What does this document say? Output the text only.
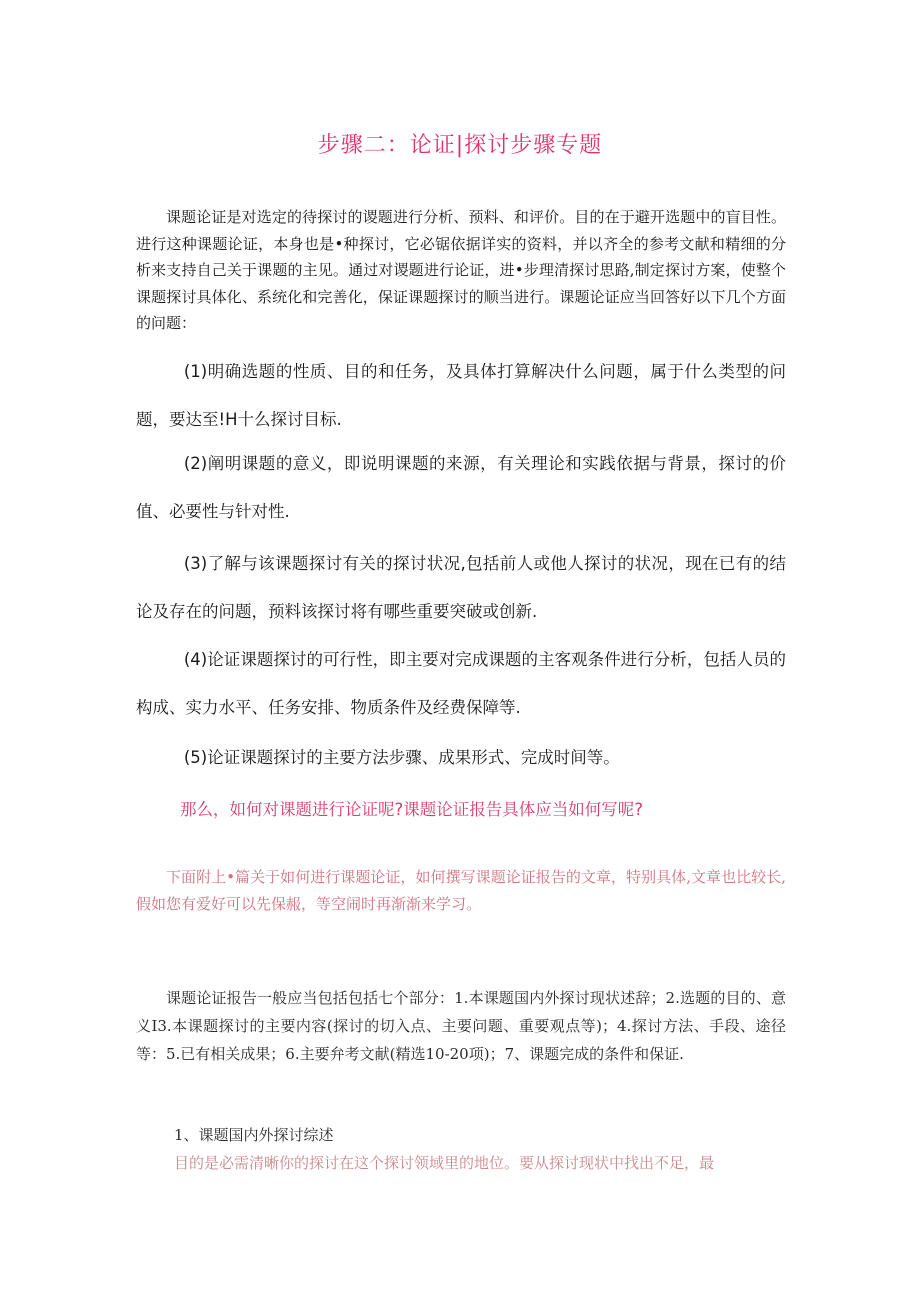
步骤二：论证|探讨步骤专题

课题论证是对选定的待探讨的谡题进行分析、预料、和评价。目的在于避开选题中的盲目性。进行这种课题论证，本身也是•种探讨，它必锯依据详实的资料，并以齐全的参考文献和精细的分析来支持自己关于课题的主见。通过对谡题进行论证，进•步理清探讨思路,制定探讨方案，使整个课题探讨具体化、系统化和完善化，保证课题探讨的顺当进行。课题论证应当回答好以下几个方面的问题：

(1)明确选题的性质、目的和任务，及具体打算解决什么问题，属于什么类型的问题，要达至!H十么探讨目标.

(2)阐明课题的意义，即说明课题的来源，有关理论和实践依据与背景，探讨的价值、必要性与针对性.

(3)了解与该课题探讨有关的探讨状况,包括前人或他人探讨的状况，现在已有的结论及存在的问题，预料该探讨将有哪些重要突破或创新.

(4)论证课题探讨的可行性，即主要对完成课题的主客观条件进行分析，包括人员的构成、实力水平、任务安排、物质条件及经费保障等.

(5)论证课题探讨的主要方法步骤、成果形式、完成时间等。

那么，如何对课题进行论证呢?课题论证报告具体应当如何写呢?

下面附上•篇关于如何进行课题论证，如何撰写课题论证报告的文章，特别具体,文章也比较长,假如您有爱好可以先保赧，等空闹时再渐渐来学习。

课题论证报告一般应当包括包括七个部分：1.本课题国内外探讨现状述辞；2.选题的目的、意义I3.本课题探讨的主要内容(探讨的切入点、主要问题、重要观点等)；4.探讨方法、手段、途径等：5.已有相关成果；6.主要弁考文献(精选10-20项)；7、课题完成的条件和保证.

1、课题国内外探讨综述
目的是必需清晰你的探讨在这个探讨领域里的地位。要从探讨现状中找出不足，最
